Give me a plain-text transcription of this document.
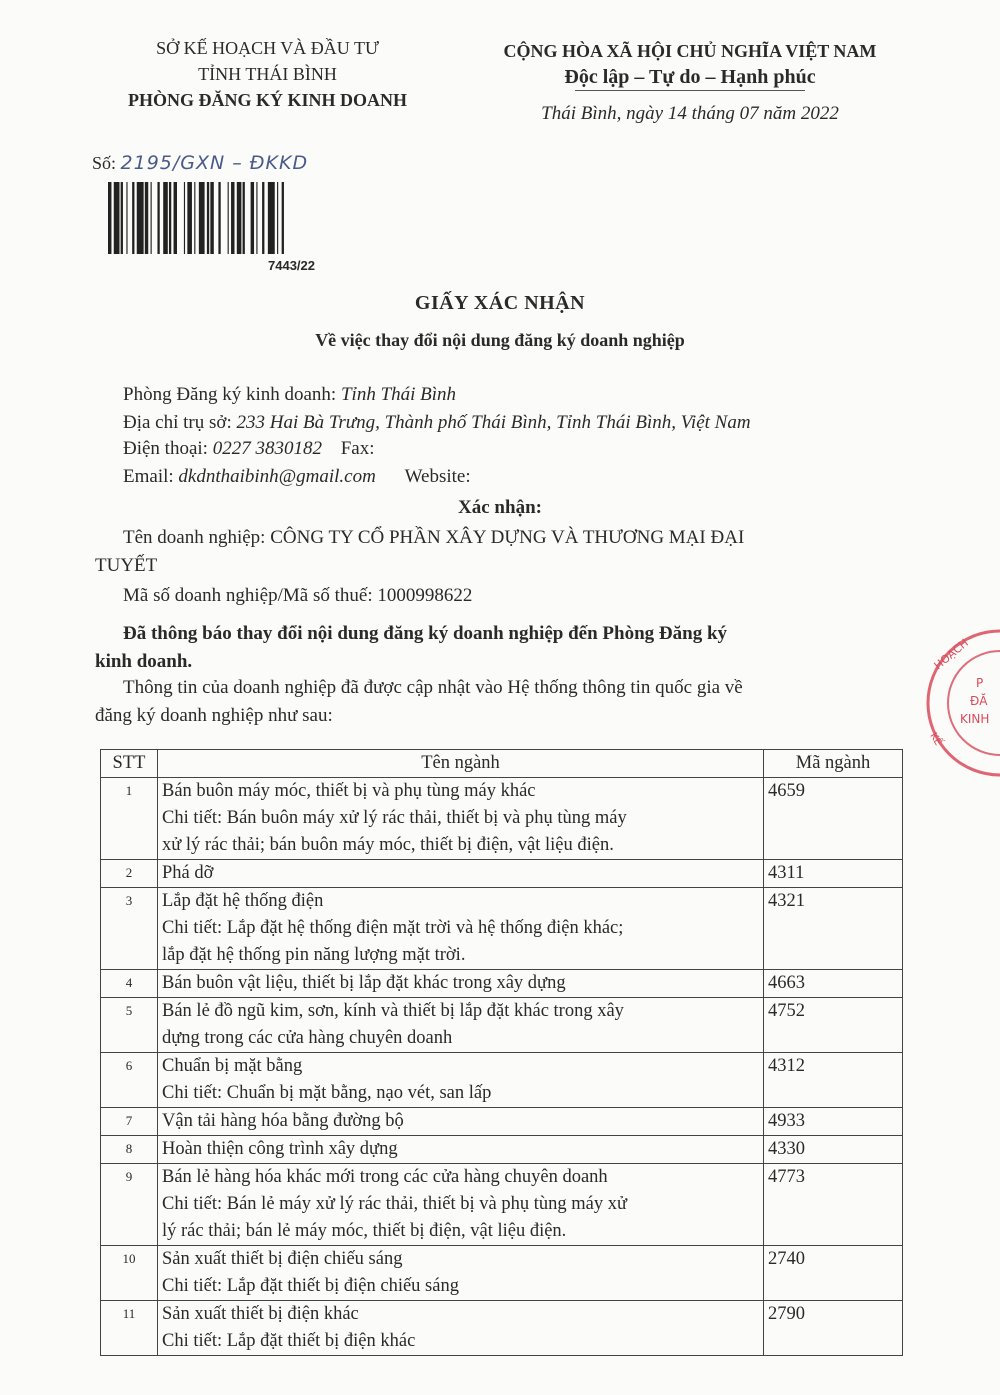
SỞ KẾ HOẠCH VÀ ĐẦU TƯ
TỈNH THÁI BÌNH
PHÒNG ĐĂNG KÝ KINH DOANH
CỘNG HÒA XÃ HỘI CHỦ NGHĨA VIỆT NAM
Độc lập – Tự do – Hạnh phúc
Thái Bình, ngày 14 tháng 07 năm 2022
Số: 2195/GXN – ĐKKD
7443/22
GIẤY XÁC NHẬN
Về việc thay đổi nội dung đăng ký doanh nghiệp
Phòng Đăng ký kinh doanh: Tỉnh Thái Bình
Địa chỉ trụ sở: 233 Hai Bà Trưng, Thành phố Thái Bình, Tỉnh Thái Bình, Việt Nam
Điện thoại: 0227 3830182 Fax:
Email: dkdnthaibinh@gmail.com Website:
Xác nhận:
Tên doanh nghiệp: CÔNG TY CỔ PHẦN XÂY DỰNG VÀ THƯƠNG MẠI ĐẠI
TUYẾT
Mã số doanh nghiệp/Mã số thuế: 1000998622
Đã thông báo thay đổi nội dung đăng ký doanh nghiệp đến Phòng Đăng ký
kinh doanh.
Thông tin của doanh nghiệp đã được cập nhật vào Hệ thống thông tin quốc gia về
đăng ký doanh nghiệp như sau:
STT	Tên ngành	Mã ngành
1	Bán buôn máy móc, thiết bị và phụ tùng máy khác
Chi tiết: Bán buôn máy xử lý rác thải, thiết bị và phụ tùng máy
xử lý rác thải; bán buôn máy móc, thiết bị điện, vật liệu điện.	4659
2	Phá dỡ	4311
3	Lắp đặt hệ thống điện
Chi tiết: Lắp đặt hệ thống điện mặt trời và hệ thống điện khác;
lắp đặt hệ thống pin năng lượng mặt trời.	4321
4	Bán buôn vật liệu, thiết bị lắp đặt khác trong xây dựng	4663
5	Bán lẻ đồ ngũ kim, sơn, kính và thiết bị lắp đặt khác trong xây
dựng trong các cửa hàng chuyên doanh	4752
6	Chuẩn bị mặt bằng
Chi tiết: Chuẩn bị mặt bằng, nạo vét, san lấp	4312
7	Vận tải hàng hóa bằng đường bộ	4933
8	Hoàn thiện công trình xây dựng	4330
9	Bán lẻ hàng hóa khác mới trong các cửa hàng chuyên doanh
Chi tiết: Bán lẻ máy xử lý rác thải, thiết bị và phụ tùng máy xử
lý rác thải; bán lẻ máy móc, thiết bị điện, vật liệu điện.	4773
10	Sản xuất thiết bị điện chiếu sáng
Chi tiết: Lắp đặt thiết bị điện chiếu sáng	2740
11	Sản xuất thiết bị điện khác
Chi tiết: Lắp đặt thiết bị điện khác	2790
HOẠCH
P
ĐĂ
KINH
KẾ
